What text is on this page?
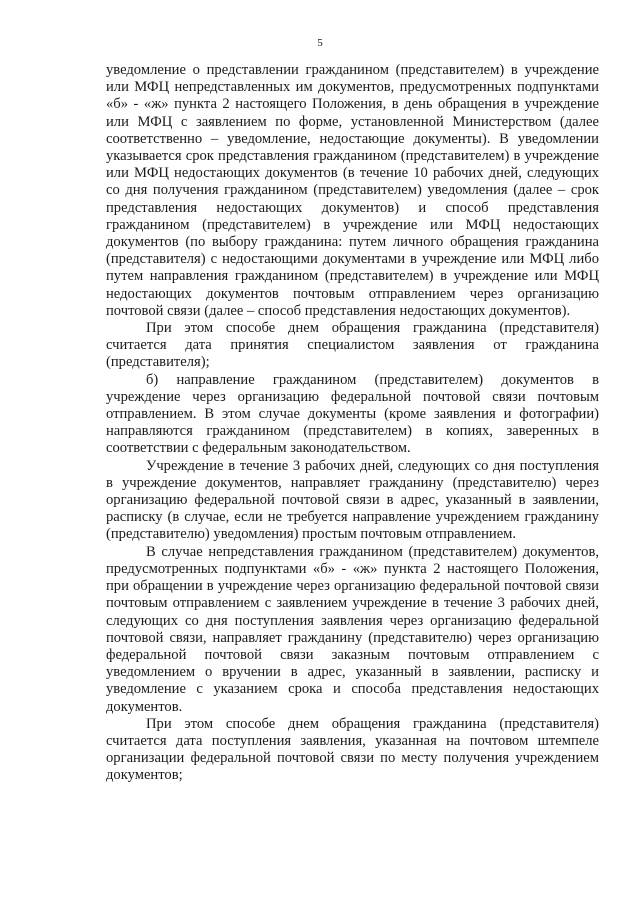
5

уведомление о представлении гражданином (представителем) в учреждение или МФЦ непредставленных им документов, предусмотренных подпунктами «б» - «ж» пункта 2 настоящего Положения, в день обращения в учреждение или МФЦ с заявлением по форме, установленной Министерством (далее соответственно – уведомление, недостающие документы). В уведомлении указывается срок представления гражданином (представителем) в учреждение или МФЦ недостающих документов (в течение 10 рабочих дней, следующих со дня получения гражданином (представителем) уведомления (далее – срок представления недостающих документов) и способ представления гражданином (представителем) в учреждение или МФЦ недостающих документов (по выбору гражданина: путем личного обращения гражданина (представителя) с недостающими документами в учреждение или МФЦ либо путем направления гражданином (представителем) в учреждение или МФЦ недостающих документов почтовым отправлением через организацию почтовой связи (далее – способ представления недостающих документов).

При этом способе днем обращения гражданина (представителя) считается дата принятия специалистом заявления от гражданина (представителя);

б) направление гражданином (представителем) документов в учреждение через организацию федеральной почтовой связи почтовым отправлением. В этом случае документы (кроме заявления и фотографии) направляются гражданином (представителем) в копиях, заверенных в соответствии с федеральным законодательством.

Учреждение в течение 3 рабочих дней, следующих со дня поступления в учреждение документов, направляет гражданину (представителю) через организацию федеральной почтовой связи в адрес, указанный в заявлении, расписку (в случае, если не требуется направление учреждением гражданину (представителю) уведомления) простым почтовым отправлением.

В случае непредставления гражданином (представителем) документов, предусмотренных подпунктами «б» - «ж» пункта 2 настоящего Положения, при обращении в учреждение через организацию федеральной почтовой связи почтовым отправлением с заявлением учреждение в течение 3 рабочих дней, следующих со дня поступления заявления через организацию федеральной почтовой связи, направляет гражданину (представителю) через организацию федеральной почтовой связи заказным почтовым отправлением с уведомлением о вручении в адрес, указанный в заявлении, расписку и уведомление с указанием срока и способа представления недостающих документов.

При этом способе днем обращения гражданина (представителя) считается дата поступления заявления, указанная на почтовом штемпеле организации федеральной почтовой связи по месту получения учреждением документов;
